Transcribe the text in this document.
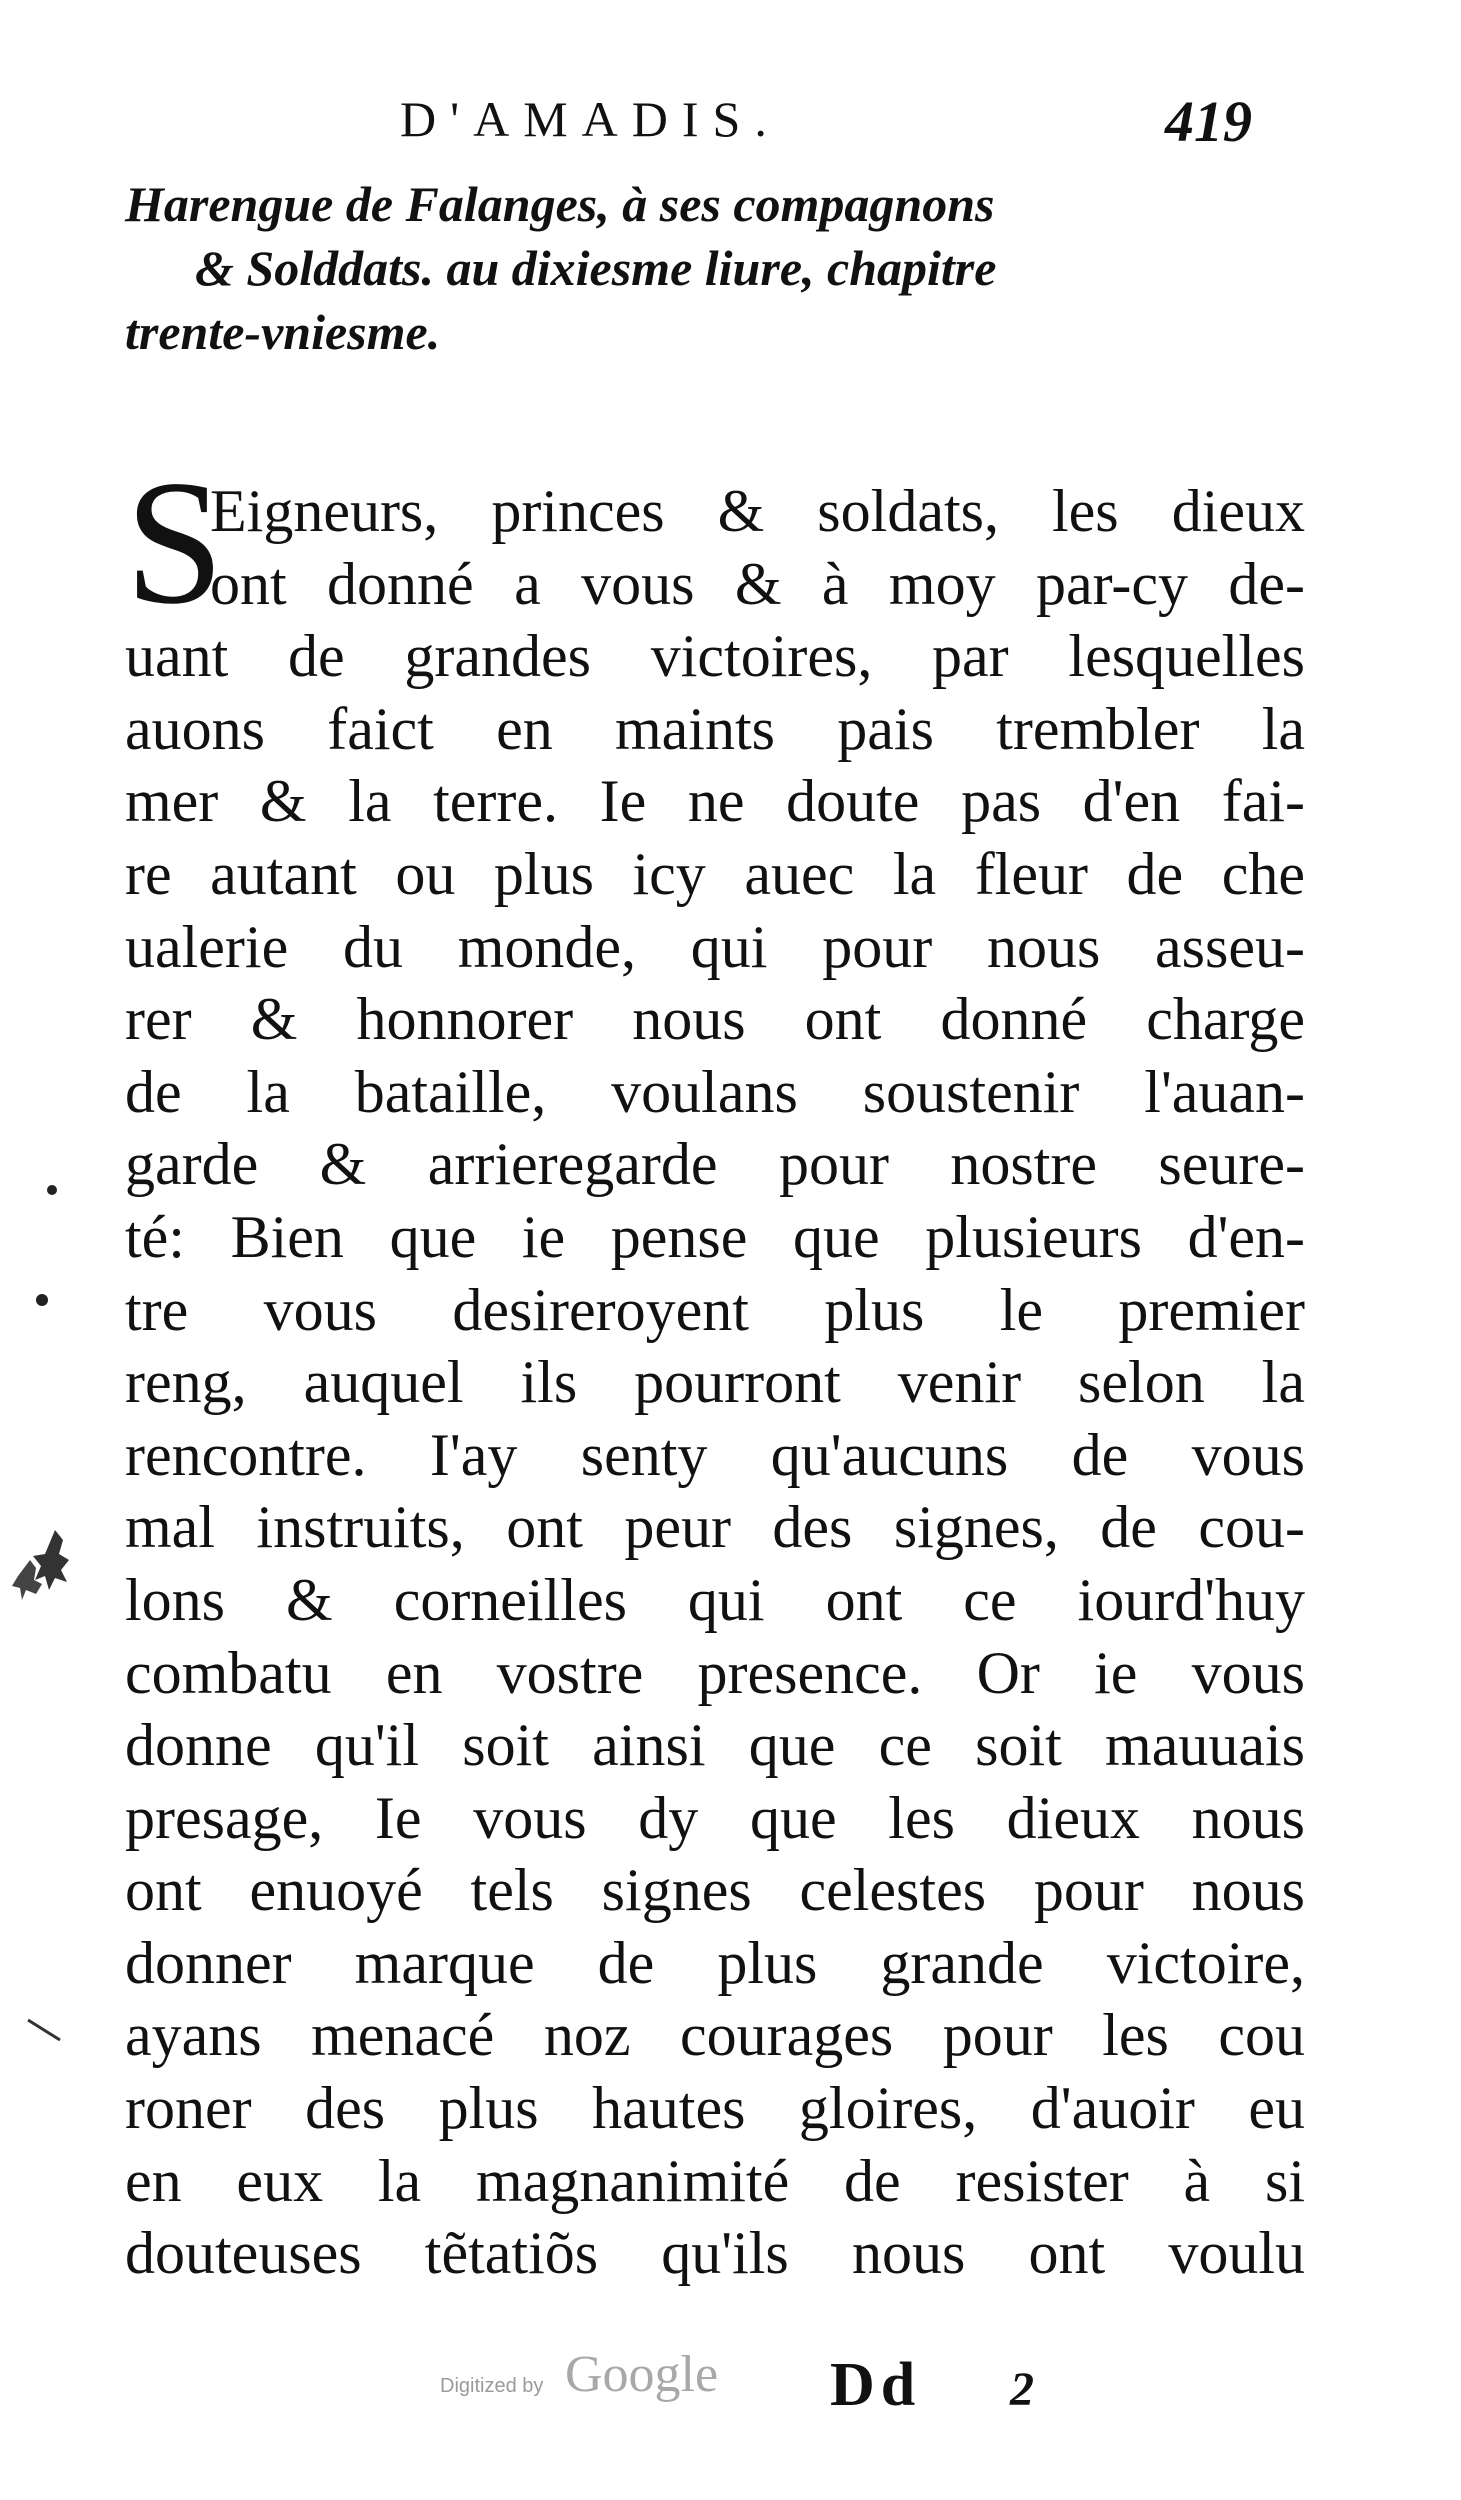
D'AMADIS.	419
Harengue de Falanges, à ses compagnons
& Solddats. au dixiesme liure, chapitre
trente-vniesme.
S
Eigneurs, princes & soldats, les dieux
ont donné a vous & à moy par-cy de-
uant de grandes victoires, par lesquelles
auons faict en maints pais trembler la
mer & la terre. Ie ne doute pas d'en fai-
re autant ou plus icy auec la fleur de che
ualerie du monde, qui pour nous asseu-
rer & honnorer nous ont donné charge
de la bataille, voulans soustenir l'auan-
garde & arrieregarde pour nostre seure-
té: Bien que ie pense que plusieurs d'en-
tre vous desireroyent plus le premier
reng, auquel ils pourront venir selon la
rencontre. I'ay senty qu'aucuns de vous
mal instruits, ont peur des signes, de cou-
lons & corneilles qui ont ce iourd'huy
combatu en vostre presence. Or ie vous
donne qu'il soit ainsi que ce soit mauuais
presage, Ie vous dy que les dieux nous
ont enuoyé tels signes celestes pour nous
donner marque de plus grande victoire,
ayans menacé noz courages pour les cou
roner des plus hautes gloires, d'auoir eu
en eux la magnanimité de resister à si
douteuses tẽtatiõs qu'ils nous ont voulu
Digitized by Google Dd 2
